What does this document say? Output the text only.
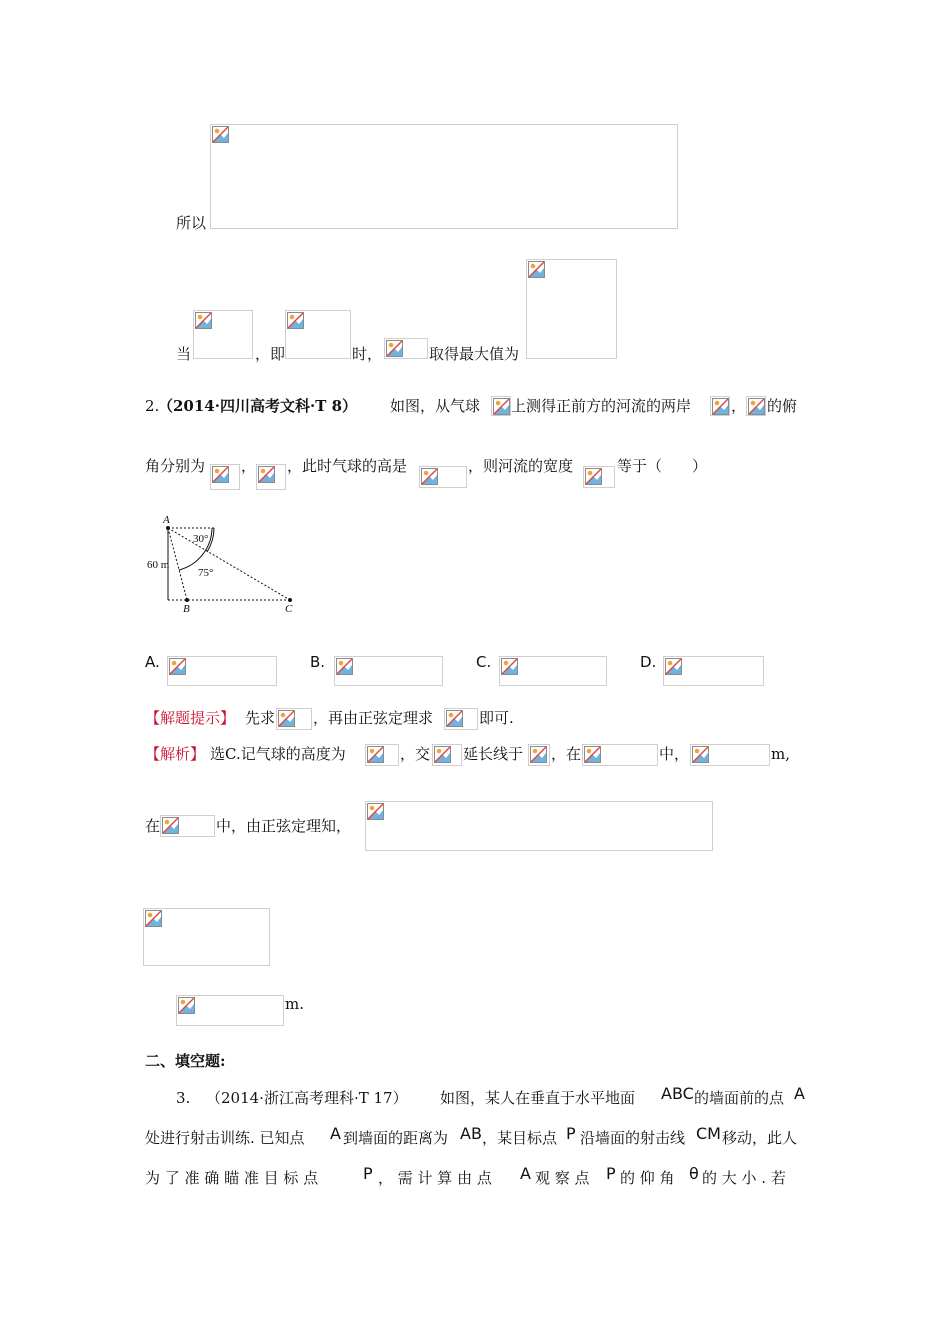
所以
当	，即	时，	取得最大值为
2.
（2014·四川高考文科·T 8） 如图，从气球 上测得正前方的河流的两岸	， 的俯
角分别为 ， ，此时气球的高是	，则河流的宽度	等于（　　）
A
B	C
60 m
30°
75°
A.	B.	C.	D.
【解题提示】 先求	，再由正弦定理求	即可.
【解析】 选C.记气球的高度为	，交 延长线于 ，在	中，	m,
在	中，由正弦定理知，
m.
二、填空题:
3. （2014·浙江高考理科·T 17） 如图，某人在垂直于水平地面 ABC 的墙面前的点 A
处进行射击训练. 已知点 A 到墙面的距离为 AB ，某目标点 P 沿墙面的射击线 CM 移动，此人
为 了 准 确 瞄 准 目 标 点	P ， 需 计 算 由 点 A 观 察 点 P 的 仰 角 θ 的 大 小 . 若
